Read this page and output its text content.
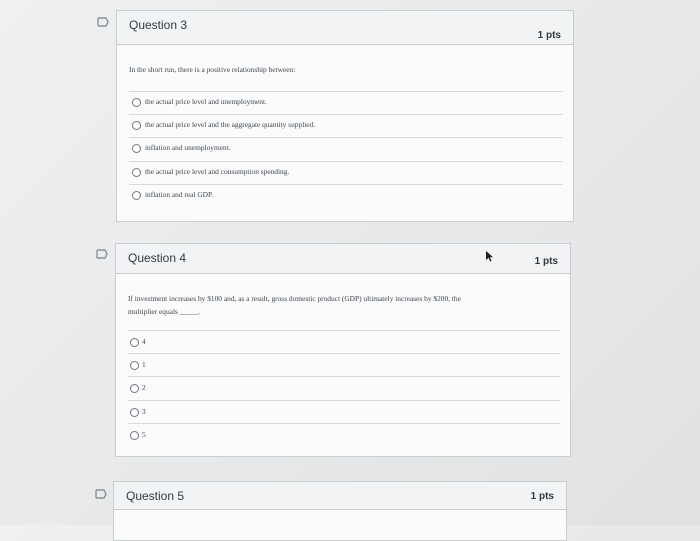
Question 3
1 pts
In the short run, there is a positive relationship between:
the actual price level and unemployment.
the actual price level and the aggregate quantity supplied.
inflation and unemployment.
the actual price level and consumption spending.
inflation and real GDP.
Question 4	1 pts
If investment increases by $100 and, as a result, gross domestic product (GDP) ultimately increases by $200, the
multiplier equals _____.
4
1
2
3
5
Question 5	1 pts
